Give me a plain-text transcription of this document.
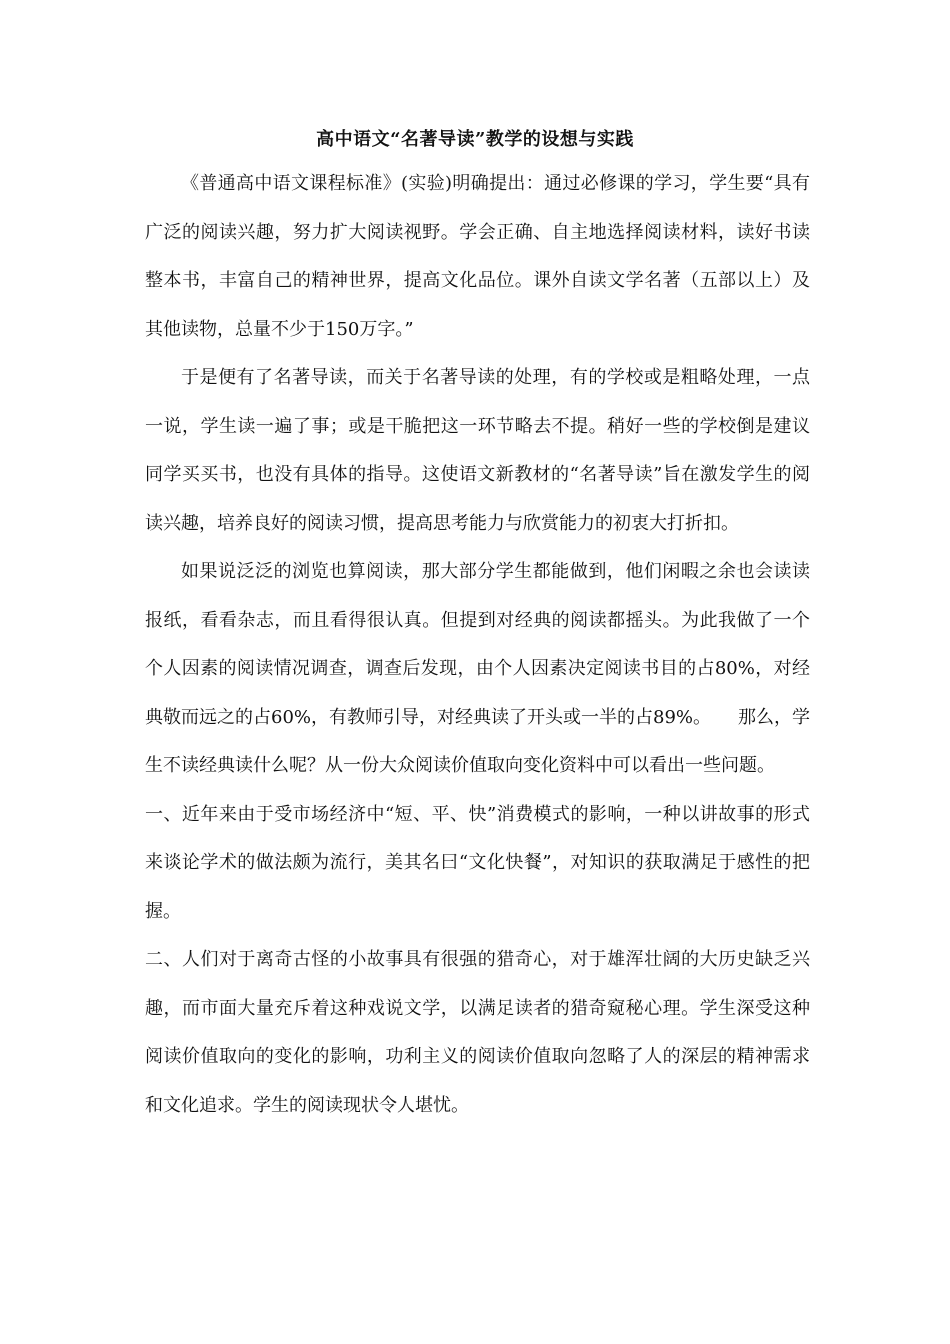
高中语文“名著导读”教学的设想与实践

《普通高中语文课程标准》(实验)明确提出：通过必修课的学习，学生要“具有广泛的阅读兴趣，努力扩大阅读视野。学会正确、自主地选择阅读材料，读好书读整本书，丰富自己的精神世界，提高文化品位。课外自读文学名著（五部以上）及其他读物，总量不少于150万字。”

于是便有了名著导读，而关于名著导读的处理，有的学校或是粗略处理，一点一说，学生读一遍了事；或是干脆把这一环节略去不提。稍好一些的学校倒是建议同学买买书，也没有具体的指导。这使语文新教材的“名著导读”旨在激发学生的阅读兴趣，培养良好的阅读习惯，提高思考能力与欣赏能力的初衷大打折扣。

如果说泛泛的浏览也算阅读，那大部分学生都能做到，他们闲暇之余也会读读报纸，看看杂志，而且看得很认真。但提到对经典的阅读都摇头。为此我做了一个个人因素的阅读情况调查，调查后发现，由个人因素决定阅读书目的占80%，对经典敬而远之的占60%，有教师引导，对经典读了开头或一半的占89%。　　那么，学生不读经典读什么呢？从一份大众阅读价值取向变化资料中可以看出一些问题。

一、近年来由于受市场经济中“短、平、快”消费模式的影响，一种以讲故事的形式来谈论学术的做法颇为流行，美其名曰“文化快餐”，对知识的获取满足于感性的把握。

二、人们对于离奇古怪的小故事具有很强的猎奇心，对于雄浑壮阔的大历史缺乏兴趣，而市面大量充斥着这种戏说文学，以满足读者的猎奇窥秘心理。学生深受这种阅读价值取向的变化的影响，功利主义的阅读价值取向忽略了人的深层的精神需求和文化追求。学生的阅读现状令人堪忧。
